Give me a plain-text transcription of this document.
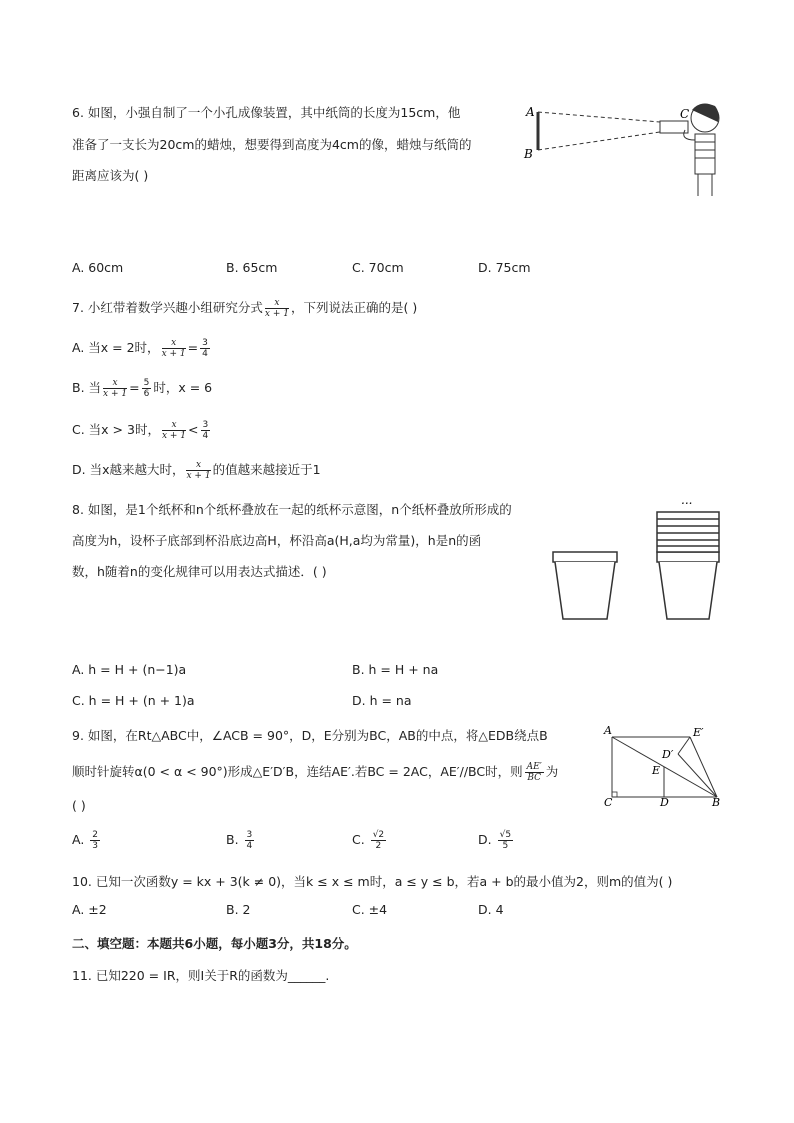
6. 如图，小强自制了一个小孔成像装置，其中纸筒的长度为15cm，他
准备了一支长为20cm的蜡烛，想要得到高度为4cm的像，蜡烛与纸筒的
距离应该为( )
A
B
C
A. 60cm	B. 65cm	C. 70cm	D. 75cm
7. 小红带着数学兴趣小组研究分式 $\frac{x}{x + 1}$ ，下列说法正确的是( )
A. 当x = 2时， $\frac{x}{x + 1} = \frac{3}{4}$
B. 当 $\frac{x}{x + 1} = \frac{5}{6}$ 时，x = 6
C. 当x > 3时， $\frac{x}{x + 1} < \frac{3}{4}$
D. 当x越来越大时， $\frac{x}{x + 1}$ 的值越来越接近于1
8. 如图，是1个纸杯和n个纸杯叠放在一起的纸杯示意图，n个纸杯叠放所形成的
高度为h，设杯子底部到杯沿底边高H，杯沿高a(H,a均为常量)，h是n的函
数，h随着n的变化规律可以用表达式描述．( )
...
A. h = H + (n−1)a	B. h = H + na
C. h = H + (n + 1)a	D. h = na
9. 如图，在Rt△ABC中，∠ACB = 90°，D，E分别为BC，AB的中点，将△EDB绕点B
顺时针旋转α(0 < α < 90°)形成△E′D′B，连结AE′.若BC = 2AC，AE′//BC时，则 $\frac{AE'}{BC}$ 为
( )
A	E′
D′
E
C	D	B
A. $\frac{2}{3}$	B. $\frac{3}{4}$	C. $\frac{√2}{2}$	D. $\frac{√5}{5}$
10. 已知一次函数y = kx + 3(k ≠ 0)，当k ≤ x ≤ m时，a ≤ y ≤ b，若a + b的最小值为2，则m的值为( )
A. ±2	B. 2	C. ±4	D. 4
二、填空题：本题共6小题，每小题3分，共18分。
11. 已知220 = IR，则I关于R的函数为______.
